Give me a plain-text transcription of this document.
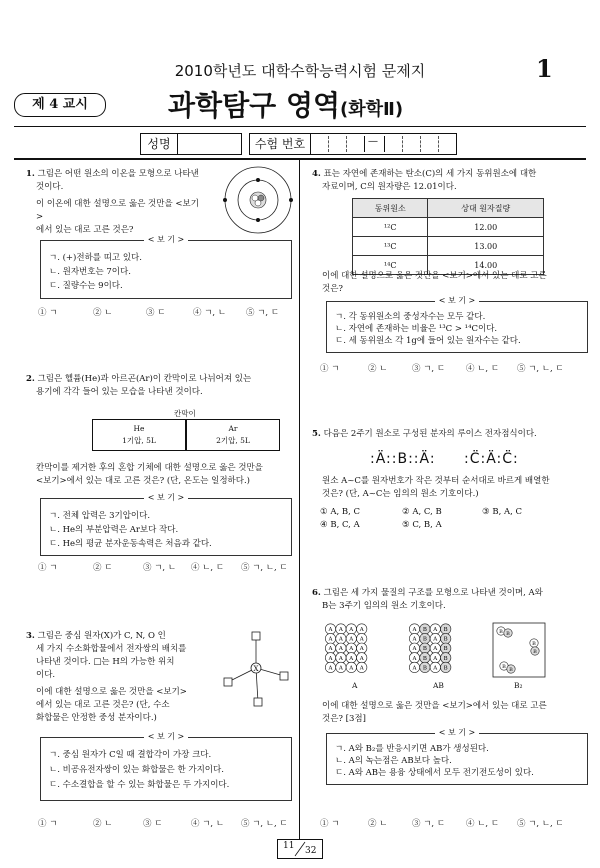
2010학년도 대학수학능력시험 문제지	1
제 4 교시	과학탐구 영역(화학Ⅱ)
성명	수험 번호	—

1. 그림은 어떤 원소의 이온을 모형으로 나타낸

것이다.

이 이온에 대한 설명으로 옳은 것만을 <보기>

에서 있는 대로 고른 것은?

< 보 기 >
ㄱ. (+)전하를 띠고 있다.
ㄴ. 원자번호는 7이다.
ㄷ. 질량수는 9이다.
① ㄱ	② ㄴ	③ ㄷ	④ ㄱ, ㄴ ⑤ ㄱ, ㄷ

2. 그림은 헬륨(He)과 아르곤(Ar)이 칸막이로 나뉘어져 있는

용기에 각각 들어 있는 모습을 나타낸 것이다.

칸막이
He
1기압, 5L
Ar
2기압, 5L

칸막이를 제거한 후의 혼합 기체에 대한 설명으로 옳은 것만을

<보기>에서 있는 대로 고른 것은? (단, 온도는 일정하다.)

< 보 기 >
ㄱ. 전체 압력은 3기압이다.
ㄴ. He의 부분압력은 Ar보다 작다.
ㄷ. He의 평균 분자운동속력은 처음과 같다.
① ㄱ	② ㄷ	③ ㄱ, ㄴ ④ ㄴ, ㄷ ⑤ ㄱ, ㄴ, ㄷ

3. 그림은 중심 원자(X)가 C, N, O 인

세 가지 수소화합물에서 전자쌍의 배치를

나타낸 것이다. □는 H의 가능한 위치

이다.

이에 대한 설명으로 옳은 것만을 <보기>

에서 있는 대로 고른 것은? (단, 수소

화합물은 안정한 중성 분자이다.)

X
< 보 기 >
ㄱ. 중심 원자가 C일 때 결합각이 가장 크다.
ㄴ. 비공유전자쌍이 있는 화합물은 한 가지이다.
ㄷ. 수소결합을 할 수 있는 화합물은 두 가지이다.
① ㄱ	② ㄴ	③ ㄷ	④ ㄱ, ㄴ ⑤ ㄱ, ㄴ, ㄷ

4. 표는 자연에 존재하는 탄소(C)의 세 가지 동위원소에 대한

자료이며, C의 원자량은 12.01이다.

동위원소	상대 원자질량
¹²C	12.00
¹³C	13.00
¹⁴C	14.00

이에 대한 설명으로 옳은 것만을 <보기>에서 있는 대로 고른

것은?

< 보 기 >
ㄱ. 각 동위원소의 중성자수는 모두 같다.
ㄴ. 자연에 존재하는 비율은 ¹³C > ¹⁴C이다.
ㄷ. 세 동위원소 각 1g에 들어 있는 원자수는 같다.
① ㄱ	② ㄴ	③ ㄱ, ㄷ ④ ㄴ, ㄷ ⑤ ㄱ, ㄴ, ㄷ

5. 다음은 2주기 원소로 구성된 분자의 루이스 전자점식이다.

:Ä::B::Ä: :C̈:Ä:C̈:

원소 A~C를 원자번호가 작은 것부터 순서대로 바르게 배열한

것은? (단, A~C는 임의의 원소 기호이다.)

① A, B, C	② A, C, B	③ B, A, C
④ B, C, A	⑤ C, B, A

6. 그림은 세 가지 물질의 구조를 모형으로 나타낸 것이며, A와

B는 3주기 임의의 원소 기호이다.

A A A A
A A A A
A A A A
A A A A
A A A A
A B A B
A B A B
A B A B
A B A B
A B A B
B B
B
B
B B
A	AB	B₂

이에 대한 설명으로 옳은 것만을 <보기>에서 있는 대로 고른

것은? [3점]

< 보 기 >
ㄱ. A와 B₂를 반응시키면 AB가 생성된다.
ㄴ. A의 녹는점은 AB보다 높다.
ㄷ. A와 AB는 용융 상태에서 모두 전기전도성이 있다.
① ㄱ	② ㄴ	③ ㄱ, ㄷ ④ ㄴ, ㄷ ⑤ ㄱ, ㄴ, ㄷ
11 32
